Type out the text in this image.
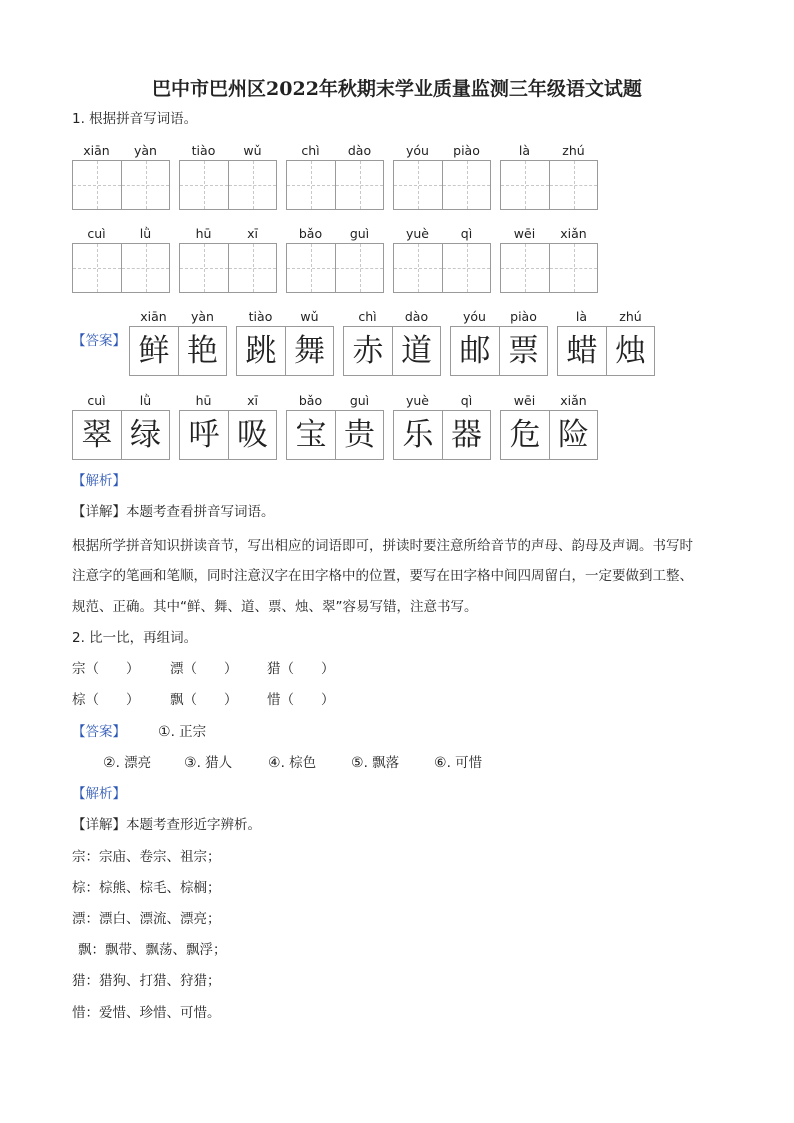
巴中市巴州区2022年秋期末学业质量监测三年级语文试题
1. 根据拼音写词语。
xiān	yàn	tiào	wǔ	chì	dào	yóu	piào	là	zhú
cuì	lǜ	hū	xī	bǎo	guì	yuè	qì	wēi	xiǎn
xiān	yàn
鲜 艳
tiào	wǔ
跳 舞
chì	dào
赤 道
yóu	piào
邮 票
là	zhú
蜡 烛
cuì	lǜ
翠 绿
hū	xī
呼 吸
bǎo	guì
宝 贵
yuè	qì
乐 器
wēi	xiǎn
危 险
【答案】
【解析】
【详解】本题考查看拼音写词语。
根据所学拼音知识拼读音节，写出相应的词语即可，拼读时要注意所给音节的声母、韵母及声调。书写时
注意字的笔画和笔顺，同时注意汉字在田字格中的位置，要写在田字格中间四周留白，一定要做到工整、
规范、正确。其中“鲜、舞、道、票、烛、翠”容易写错，注意书写。
2. 比一比，再组词。
宗（　　） 漂（　　） 猎（　　）
棕（　　） 飘（　　） 惜（　　）
【答案】 ①. 正宗
②. 漂亮 ③. 猎人	④. 棕色 ⑤. 飘落 ⑥. 可惜
【解析】
【详解】本题考查形近字辨析。
宗：宗庙、卷宗、祖宗；
棕：棕熊、棕毛、棕榈；
漂：漂白、漂流、漂亮；
飘：飘带、飘荡、飘浮；
猎：猎狗、打猎、狩猎；
惜：爱惜、珍惜、可惜。
